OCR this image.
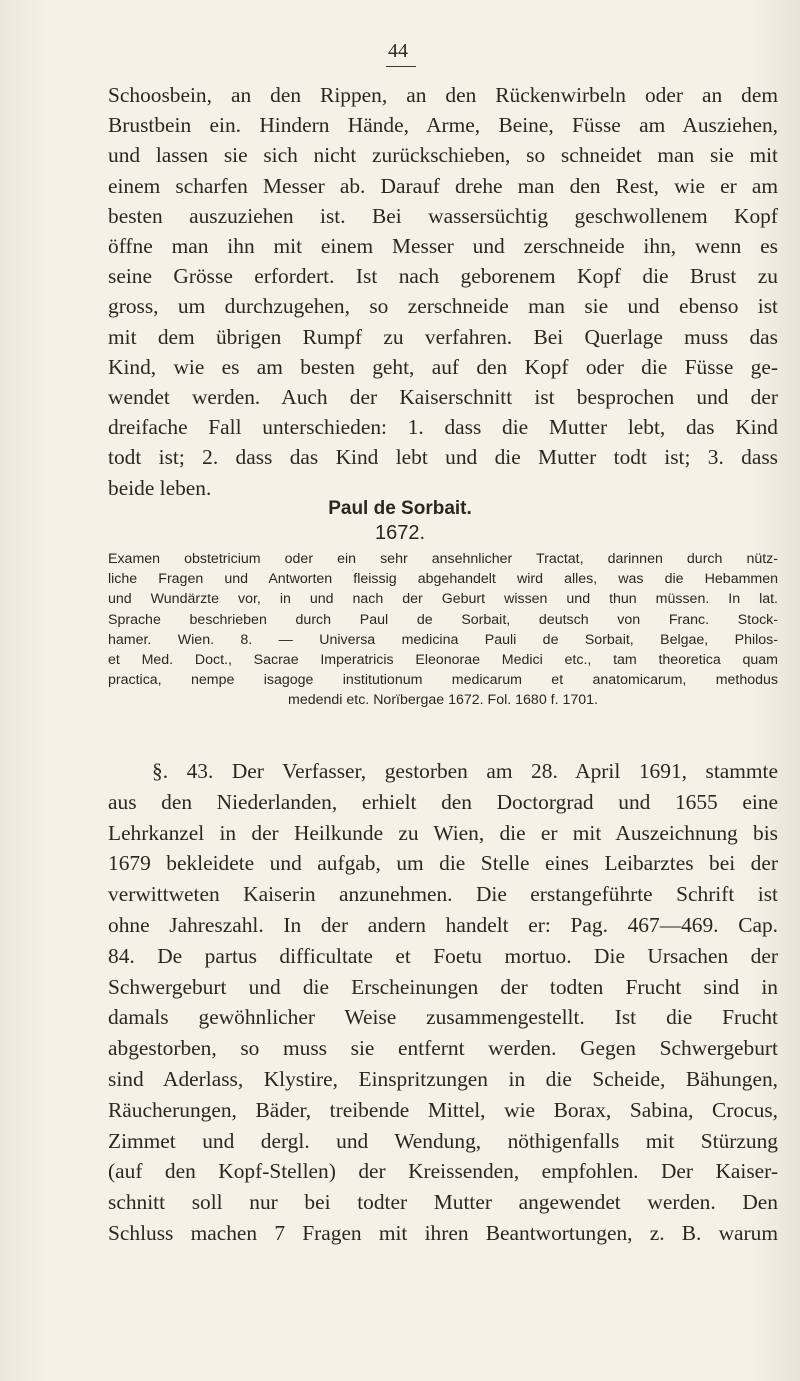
44
Schoosbein, an den Rippen, an den Rückenwirbeln oder an dem
Brustbein ein. Hindern Hände, Arme, Beine, Füsse am Ausziehen,
und lassen sie sich nicht zurückschieben, so schneidet man sie mit
einem scharfen Messer ab. Darauf drehe man den Rest, wie er am
besten auszuziehen ist. Bei wassersüchtig geschwollenem Kopf
öffne man ihn mit einem Messer und zerschneide ihn, wenn es
seine Grösse erfordert. Ist nach geborenem Kopf die Brust zu
gross, um durchzugehen, so zerschneide man sie und ebenso ist
mit dem übrigen Rumpf zu verfahren. Bei Querlage muss das
Kind, wie es am besten geht, auf den Kopf oder die Füsse ge-
wendet werden. Auch der Kaiserschnitt ist besprochen und der
dreifache Fall unterschieden: 1. dass die Mutter lebt, das Kind
todt ist; 2. dass das Kind lebt und die Mutter todt ist; 3. dass
beide leben.
Paul de Sorbait.
1672.
Examen obstetricium oder ein sehr ansehnlicher Tractat, darinnen durch nütz-
liche Fragen und Antworten fleissig abgehandelt wird alles, was die Hebammen
und Wundärzte vor, in und nach der Geburt wissen und thun müssen. In lat.
Sprache beschrieben durch Paul de Sorbait, deutsch von Franc. Stock-
hamer. Wien. 8. — Universa medicina Pauli de Sorbait, Belgae, Philos-
et Med. Doct., Sacrae Imperatricis Eleonorae Medici etc., tam theoretica quam
practica, nempe isagoge institutionum medicarum et anatomicarum, methodus
medendi etc. Norïbergae 1672. Fol. 1680 f. 1701.
§. 43. Der Verfasser, gestorben am 28. April 1691, stammte
aus den Niederlanden, erhielt den Doctorgrad und 1655 eine
Lehrkanzel in der Heilkunde zu Wien, die er mit Auszeichnung bis
1679 bekleidete und aufgab, um die Stelle eines Leibarztes bei der
verwittweten Kaiserin anzunehmen. Die erstangeführte Schrift ist
ohne Jahreszahl. In der andern handelt er: Pag. 467—469. Cap.
84. De partus difficultate et Foetu mortuo. Die Ursachen der
Schwergeburt und die Erscheinungen der todten Frucht sind in
damals gewöhnlicher Weise zusammengestellt. Ist die Frucht
abgestorben, so muss sie entfernt werden. Gegen Schwergeburt
sind Aderlass, Klystire, Einspritzungen in die Scheide, Bähungen,
Räucherungen, Bäder, treibende Mittel, wie Borax, Sabina, Crocus,
Zimmet und dergl. und Wendung, nöthigenfalls mit Stürzung
(auf den Kopf-Stellen) der Kreissenden, empfohlen. Der Kaiser-
schnitt soll nur bei todter Mutter angewendet werden. Den
Schluss machen 7 Fragen mit ihren Beantwortungen, z. B. warum
